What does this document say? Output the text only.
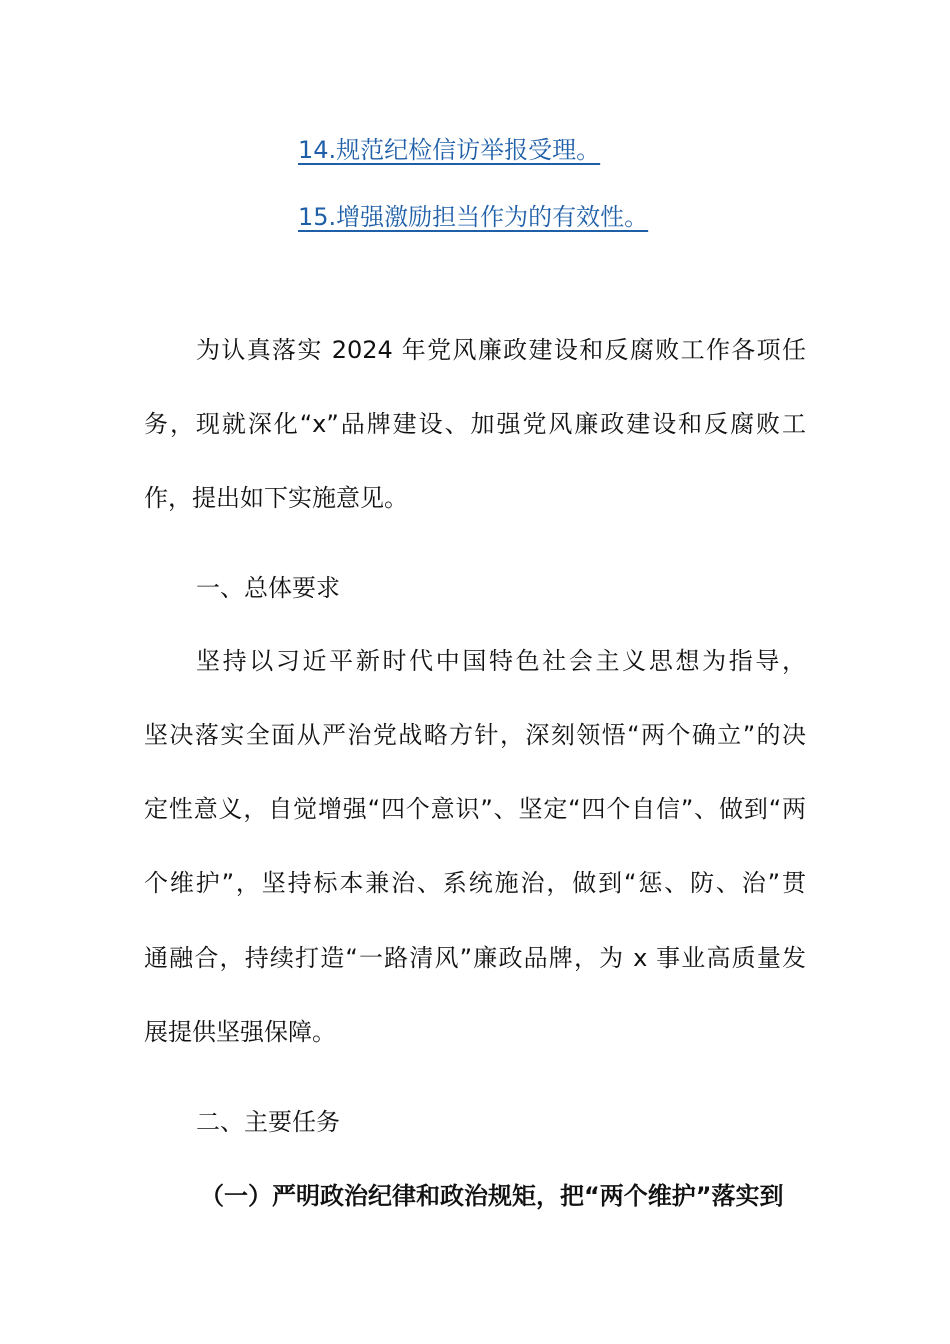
14.规范纪检信访举报受理。
15.增强激励担当作为的有效性。
为认真落实 2024 年党风廉政建设和反腐败工作各项任
务，现就深化“x”品牌建设、加强党风廉政建设和反腐败工
作，提出如下实施意见。
一、总体要求
坚持以习近平新时代中国特色社会主义思想为指导，
坚决落实全面从严治党战略方针，深刻领悟“两个确立”的决
定性意义，自觉增强“四个意识”、坚定“四个自信”、做到“两
个维护”，坚持标本兼治、系统施治，做到“惩、防、治”贯
通融合，持续打造“一路清风”廉政品牌，为 x 事业高质量发
展提供坚强保障。
二、主要任务
（一）严明政治纪律和政治规矩，把“两个维护”落实到
